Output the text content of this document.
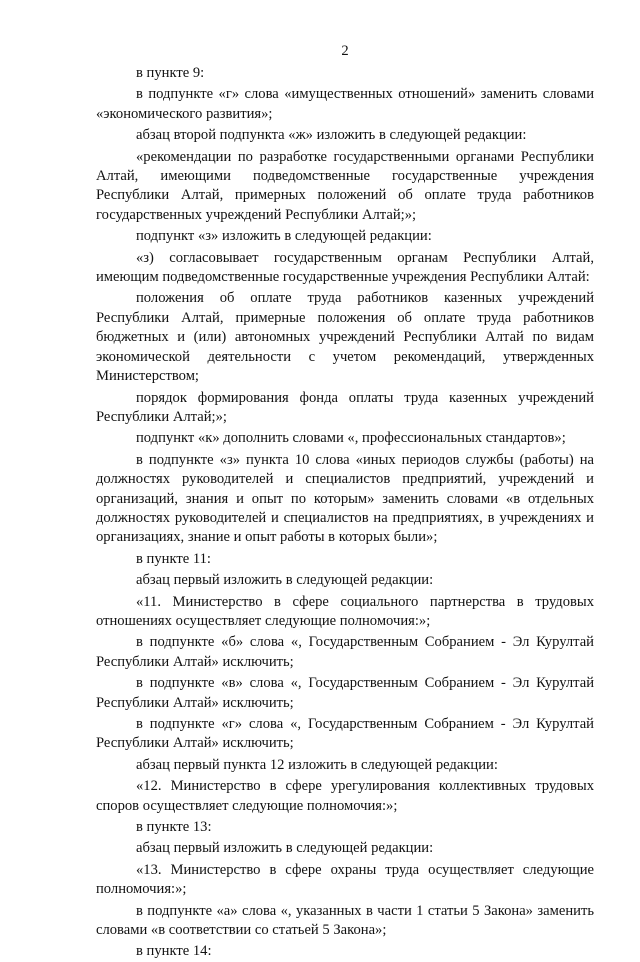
2

в пункте 9:

в подпункте «г» слова «имущественных отношений» заменить словами «экономического развития»;

абзац второй подпункта «ж» изложить в следующей редакции:

«рекомендации по разработке государственными органами Республики Алтай, имеющими подведомственные государственные учреждения Республики Алтай, примерных положений об оплате труда работников государственных учреждений Республики Алтай;»;

подпункт «з» изложить в следующей редакции:

«з) согласовывает государственным органам Республики Алтай, имеющим подведомственные государственные учреждения Республики Алтай:

положения об оплате труда работников казенных учреждений Республики Алтай, примерные положения об оплате труда работников бюджетных и (или) автономных учреждений Республики Алтай по видам экономической деятельности с учетом рекомендаций, утвержденных Министерством;

порядок формирования фонда оплаты труда казенных учреждений Республики Алтай;»;

подпункт «к» дополнить словами «, профессиональных стандартов»;

в подпункте «з» пункта 10 слова «иных периодов службы (работы) на должностях руководителей и специалистов предприятий, учреждений и организаций, знания и опыт по которым» заменить словами «в отдельных должностях руководителей и специалистов на предприятиях, в учреждениях и организациях, знание и опыт работы в которых были»;

в пункте 11:

абзац первый изложить в следующей редакции:

«11. Министерство в сфере социального партнерства в трудовых отношениях осуществляет следующие полномочия:»;

в подпункте «б» слова «, Государственным Собранием - Эл Курултай Республики Алтай» исключить;

в подпункте «в» слова «, Государственным Собранием - Эл Курултай Республики Алтай» исключить;

в подпункте «г» слова «, Государственным Собранием - Эл Курултай Республики Алтай» исключить;

абзац первый пункта 12 изложить в следующей редакции:

«12. Министерство в сфере урегулирования коллективных трудовых споров осуществляет следующие полномочия:»;

в пункте 13:

абзац первый изложить в следующей редакции:

«13. Министерство в сфере охраны труда осуществляет следующие полномочия:»;

в подпункте «а» слова «, указанных в части 1 статьи 5 Закона» заменить словами «в соответствии со статьей 5 Закона»;

в пункте 14:
